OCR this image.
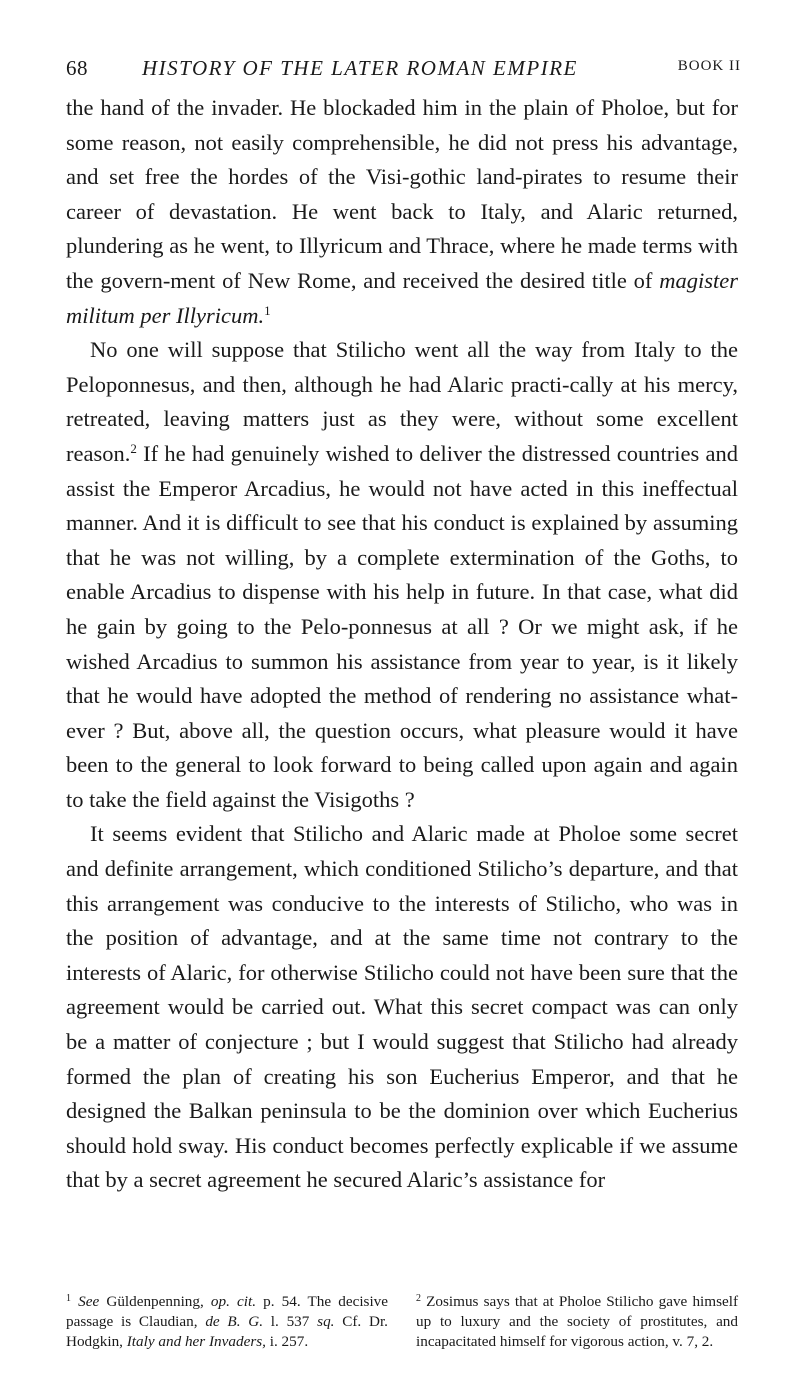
68	HISTORY OF THE LATER ROMAN EMPIRE	BOOK II

the hand of the invader. He blockaded him in the plain of Pholoe, but for some reason, not easily comprehensible, he did not press his advantage, and set free the hordes of the Visi-gothic land-pirates to resume their career of devastation. He went back to Italy, and Alaric returned, plundering as he went, to Illyricum and Thrace, where he made terms with the govern-ment of New Rome, and received the desired title of magister militum per Illyricum.$^1$

No one will suppose that Stilicho went all the way from Italy to the Peloponnesus, and then, although he had Alaric practi-cally at his mercy, retreated, leaving matters just as they were, without some excellent reason.$^2$ If he had genuinely wished to deliver the distressed countries and assist the Emperor Arcadius, he would not have acted in this ineffectual manner. And it is difficult to see that his conduct is explained by assuming that he was not willing, by a complete extermination of the Goths, to enable Arcadius to dispense with his help in future. In that case, what did he gain by going to the Pelo-ponnesus at all ? Or we might ask, if he wished Arcadius to summon his assistance from year to year, is it likely that he would have adopted the method of rendering no assistance what-ever ? But, above all, the question occurs, what pleasure would it have been to the general to look forward to being called upon again and again to take the field against the Visigoths ?

It seems evident that Stilicho and Alaric made at Pholoe some secret and definite arrangement, which conditioned Stilicho’s departure, and that this arrangement was conducive to the interests of Stilicho, who was in the position of advantage, and at the same time not contrary to the interests of Alaric, for otherwise Stilicho could not have been sure that the agreement would be carried out. What this secret compact was can only be a matter of conjecture ; but I would suggest that Stilicho had already formed the plan of creating his son Eucherius Emperor, and that he designed the Balkan peninsula to be the dominion over which Eucherius should hold sway. His conduct becomes perfectly explicable if we assume that by a secret agreement he secured Alaric’s assistance for

$^1$ See Güldenpenning, op. cit. p. 54. The decisive passage is Claudian, de B. G. l. 537 sq. Cf. Dr. Hodgkin, Italy and her Invaders, i. 257.
$^2$ Zosimus says that at Pholoe Stilicho gave himself up to luxury and the society of prostitutes, and incapacitated himself for vigorous action, v. 7, 2.
